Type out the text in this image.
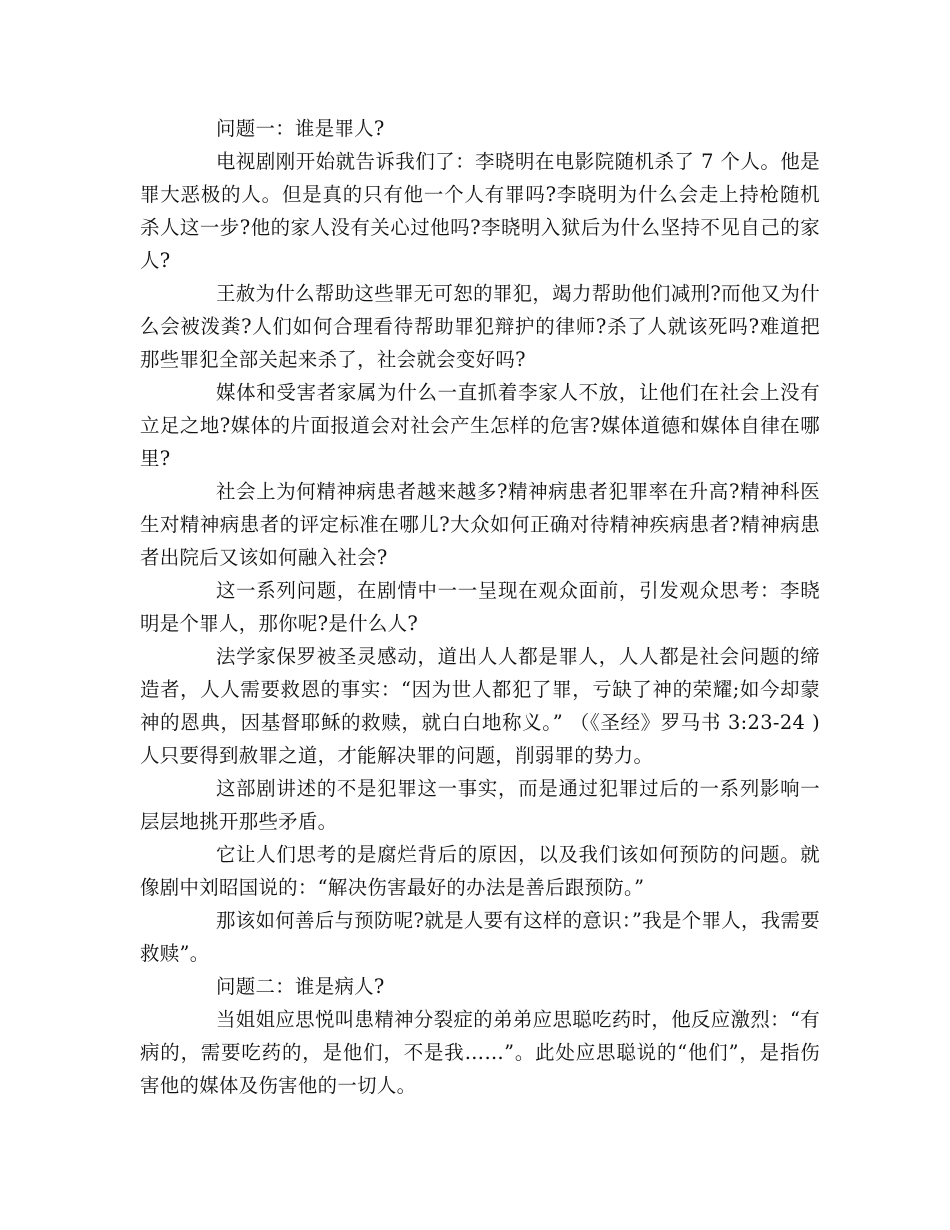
问题一：谁是罪人?

电视剧刚开始就告诉我们了：李晓明在电影院随机杀了 7 个人。他是罪大恶极的人。但是真的只有他一个人有罪吗?李晓明为什么会走上持枪随机杀人这一步?他的家人没有关心过他吗?李晓明入狱后为什么坚持不见自己的家人?

王赦为什么帮助这些罪无可恕的罪犯，竭力帮助他们减刑?而他又为什么会被泼粪?人们如何合理看待帮助罪犯辩护的律师?杀了人就该死吗?难道把那些罪犯全部关起来杀了，社会就会变好吗?

媒体和受害者家属为什么一直抓着李家人不放，让他们在社会上没有立足之地?媒体的片面报道会对社会产生怎样的危害?媒体道德和媒体自律在哪里?

社会上为何精神病患者越来越多?精神病患者犯罪率在升高?精神科医生对精神病患者的评定标准在哪儿?大众如何正确对待精神疾病患者?精神病患者出院后又该如何融入社会?

这一系列问题，在剧情中一一呈现在观众面前，引发观众思考：李晓明是个罪人，那你呢?是什么人?

法学家保罗被圣灵感动，道出人人都是罪人，人人都是社会问题的缔造者，人人需要救恩的事实：“因为世人都犯了罪，亏缺了神的荣耀;如今却蒙神的恩典，因基督耶稣的救赎，就白白地称义。” （《圣经》罗马书 3:23-24 )人只要得到赦罪之道，才能解决罪的问题，削弱罪的势力。

这部剧讲述的不是犯罪这一事实，而是通过犯罪过后的一系列影响一层层地挑开那些矛盾。

它让人们思考的是腐烂背后的原因，以及我们该如何预防的问题。就像剧中刘昭国说的：“解决伤害最好的办法是善后跟预防。”

那该如何善后与预防呢?就是人要有这样的意识：”我是个罪人，我需要救赎”。

问题二：谁是病人?

当姐姐应思悦叫患精神分裂症的弟弟应思聪吃药时，他反应激烈：“有病的，需要吃药的，是他们，不是我……”。此处应思聪说的“他们”，是指伤害他的媒体及伤害他的一切人。
